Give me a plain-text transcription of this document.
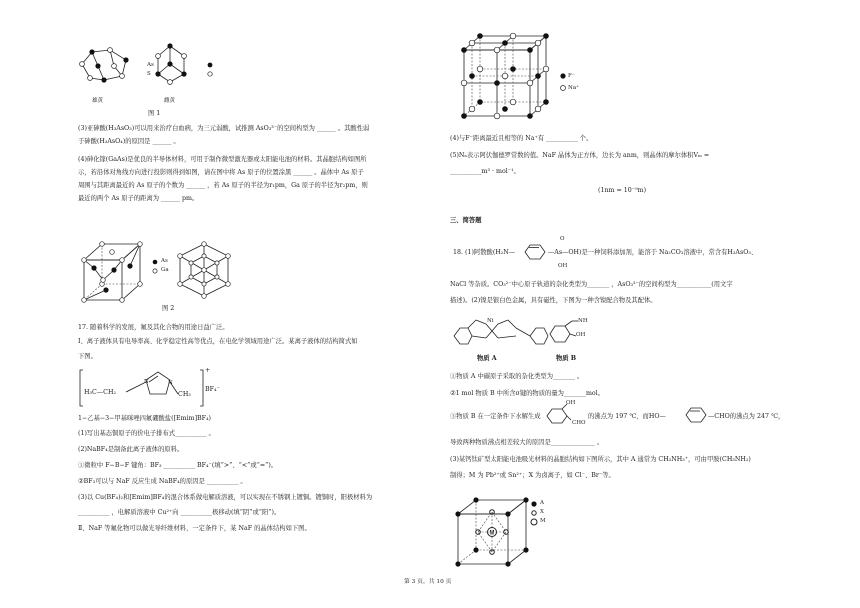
As
S
雄黄	雌黄
图 1
(3)亚砷酸(H₃AsO₃)可以用来治疗白血病，为三元弱酸，试推测 AsO₃³⁻的空间构型为 ______ 。其酸性弱
于砷酸(H₃AsO₄)的原因是 ______ 。
(4)砷化镓(GaAs)是优良的半导体材料，可用于制作微型激光器或太阳能电池的材料。其晶胞结构如图所
示，若沿体对角线方向进行投影则得到如图，请在图中将 As 原子的位置涂黑 ______ 。晶体中 As 原子
周围与其距离最近的 As 原子的个数为 ______ ，若 As 原子的半径为r₁pm，Ga 原子的半径为r₂pm，则
最近的两个 As 原子的距离为 ______ pm。
As
Ga
图 2
17. 随着科学的发展，氟及其化合物的用途日益广泛。
Ⅰ、离子液体具有电导率高、化学稳定性高等优点，在电化学领域用途广泛。某离子液体的结构简式如
下图。
H₃C—CH₂	CH₃
N	N
+
BF₄⁻
1−乙基−3−甲基咪唑四氟硼酸盐([Emim]BF₄)
(1)写出基态铜原子的价电子排布式__________ 。
(2)NaBF₄是制备此离子液体的原料。
①微粒中 F−B−F 键角：BF₃ __________ BF₄⁻(填“>”、“<”或“=”)。
②BF₃可以与 NaF 反应生成 NaBF₄的原因是 __________ 。
(3)以 Cu(BF₄)₂和[Emim]BF₄的混合体系做电解质溶液，可以实现在不锈钢上镀铜。镀铜时，阳极材料为
__________ ，电解质溶液中 Cu²⁺向 __________极移动(填“阴”或“阳”)。
Ⅱ、NaF 等氟化物可以做光导纤维材料，一定条件下，某 NaF 的晶体结构如下图。
F⁻
Na⁺
(4)与F⁻距离最近且相等的 Na⁺有 __________ 个。
(5)Nₐ表示阿伏伽德罗常数的值。NaF 晶体为正方体，边长为 anm，则晶体的摩尔体积Vₘ =
__________m³ · mol⁻¹。
(1nm = 10⁻⁹m)
三、简答题
18. (1)阿散酸(H₂N—
O
OH
—As—OH)是一种饲料添加剂，能溶于 Na₂CO₃溶液中，常含有H₃AsO₃、
NaCl 等杂质。CO₃²⁻中心原子轨道的杂化类型为_______ ，AsO₃³⁻的空间构型为___________(用文字
描述)。(2)镍是银白色金属，具有磁性，下图为一种含镍配合物及其配体。
Ni	NH
OH
物质 A	物质 B
①物质 A 中碳原子采取的杂化类型为_______ 。
②1 mol 物质 B 中所含σ键的物质的量为_______mol。
③物质 B 在一定条件下水解生成
OH
CHO
的沸点为 197 ℃，而HO—	—CHO的沸点为 247 ℃，
导致两种物质沸点相差较大的原因是______________ 。
(3)某钙钛矿型太阳能电池吸光材料的晶胞结构如下图所示，其中 A 通常为 CH₃NH₃⁺，可由甲胺(CH₃NH₂)
制得；M 为 Pb²⁺或 Sn²⁺；X 为卤离子，如 Cl⁻、Br⁻等。
M
A
X
M
第 3 页，共 10 页
